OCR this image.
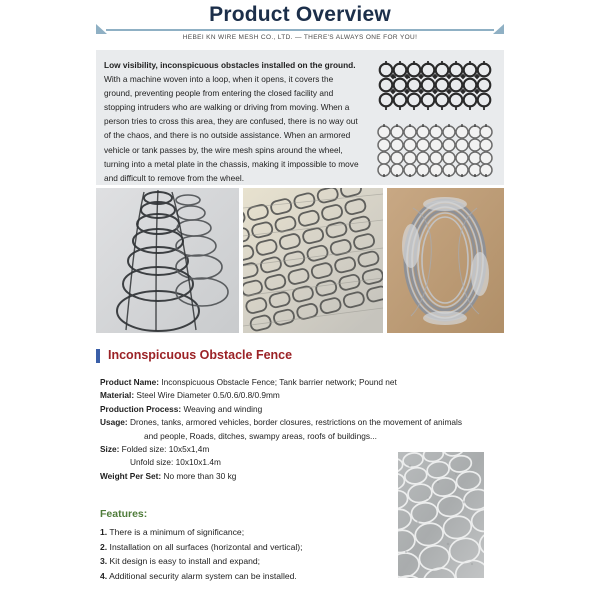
Product Overview
HEBEI KN WIRE MESH CO., LTD. — THERE'S ALWAYS ONE FOR YOU!
Low visibility, inconspicuous obstacles installed on the ground. With a machine woven into a loop, when it opens, it covers the ground, preventing people from entering the closed facility and stopping intruders who are walking or driving from moving. When a person tries to cross this area, they are confused, there is no way out of the chaos, and there is no outside assistance. When an armored vehicle or tank passes by, the wire mesh spins around the wheel, turning into a metal plate in the chassis, making it impossible to move and difficult to remove from the wheel.
Inconspicuous Obstacle Fence
Product Name: Inconspicuous Obstacle Fence; Tank barrier network; Pound net
Material: Steel Wire Diameter 0.5/0.6/0.8/0.9mm
Production Process: Weaving and winding
Usage: Drones, tanks, armored vehicles, border closures, restrictions on the movement of animals
and people, Roads, ditches, swampy areas, roofs of buildings...
Size: Folded size: 10x5x1,4m
Unfold size: 10x10x1.4m
Weight Per Set: No more than 30 kg
Features:
1. There is a minimum of significance;
2. Installation on all surfaces (horizontal and vertical);
3. Kit design is easy to install and expand;
4. Additional security alarm system can be installed.
